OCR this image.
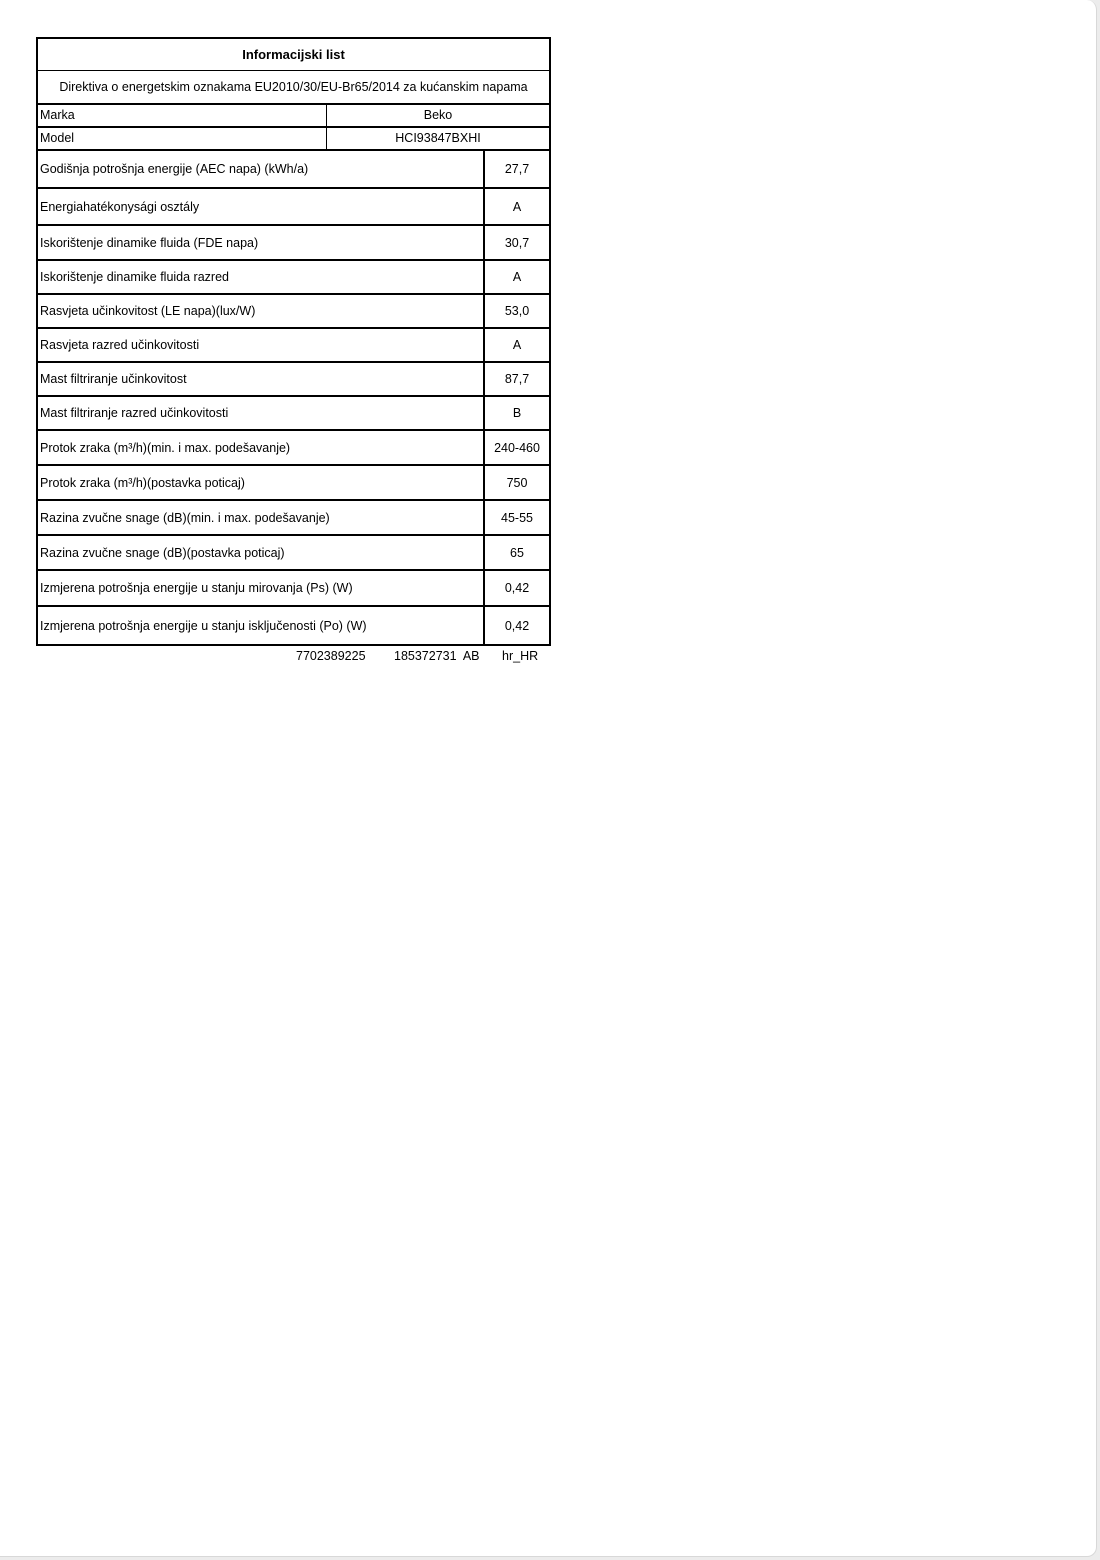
Informacijski list
Direktiva o energetskim oznakama EU2010/30/EU-Br65/2014 za kućanskim napama
Marka	Beko
Model	HCI93847BXHI
Godišnja potrošnja energije (AEC napa) (kWh/a)	27,7
Energiahatékonysági osztály	A
Iskorištenje dinamike fluida (FDE napa)	30,7
Iskorištenje dinamike fluida razred	A
Rasvjeta učinkovitost (LE napa)(lux/W)	53,0
Rasvjeta razred učinkovitosti	A
Mast filtriranje učinkovitost	87,7
Mast filtriranje razred učinkovitosti	B
Protok zraka (m³/h)(min. i max. podešavanje)	240-460
Protok zraka (m³/h)(postavka poticaj)	750
Razina zvučne snage (dB)(min. i max. podešavanje)	45-55
Razina zvučne snage (dB)(postavka poticaj)	65
Izmjerena potrošnja energije u stanju mirovanja (Ps) (W)	0,42
Izmjerena potrošnja energije u stanju isključenosti (Po) (W)	0,42
7702389225 185372731  AB hr_HR
